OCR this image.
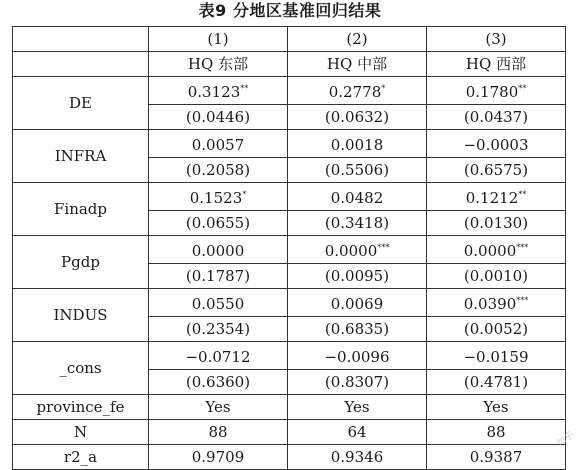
表9 分地区基准回归结果
	(1)	(2)	(3)
	HQ 东部	HQ 中部	HQ 西部
DE	0.3123**	0.2778*	0.1780**
	(0.0446)	(0.0632)	(0.0437)
INFRA	0.0057	0.0018	−0.0003
	(0.2058)	(0.5506)	(0.6575)
Finadp	0.1523*	0.0482	0.1212**
	(0.0655)	(0.3418)	(0.0130)
Pgdp	0.0000	0.0000***	0.0000***
	(0.1787)	(0.0095)	(0.0010)
INDUS	0.0550	0.0069	0.0390***
	(0.2354)	(0.6835)	(0.0052)
_cons	−0.0712	−0.0096	−0.0159
	(0.6360)	(0.8307)	(0.4781)
province_fe	Yes	Yes	Yes
N	88	64	88
r2_a	0.9709	0.9346	0.9387
知乎
